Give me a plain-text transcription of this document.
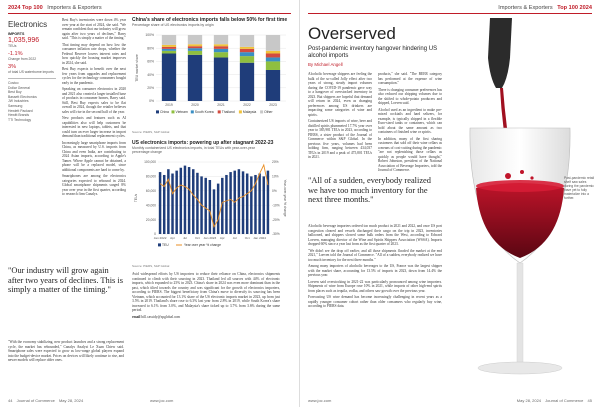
2024 Top 100 Importers & Exporters
Electronics
IMPORTS
1,035,996
TEUs
-1.1%
Change from 2022
3%
of total US waterborne imports
Costco
Dollar General
Best Buy
Bassett Electronics
JW Industries
Samsung
Hewlett Packard
Hewitt Brands
TTI Technology

Best Buy's inventories were down 4% year over year at the start of 2024, she said. "We remain confident that our industry will grow again after two years of declines," Barry said. "This is simply a matter of the timing."

That timing may depend on how low the consumer inflation rate drops, whether the Federal Reserve lowers interest rates and how quickly the housing market improves in 2024, she said.

Best Buy expects to benefit over the next few years from upgrades and replacement cycles for the technology consumers bought early in the pandemic.

Speaking on consumer electronics in 2020 and 2021 also created a larger installed base of products in consumer homes, Barry said. Still, Best Buy expects sales to be flat overall in 2024, though the retailer believes sales will rise in the second half of the year.

New products and features such as AI capabilities also will help customers be interested in new laptops, tablets, and that could turn an ever larger increase in import demand than traditional replacement cycles.

Increasingly large smartphone imports from China, as measured by U.S. imports from China and even India, are contributing to 2024 Asian imports, according to Apple's Tamer. Where Apple cannot be obtained, a phone will be a replaced model, since additional components are hard to come by.

Smartphones are among the electronics categories expected to rebound in 2024. Global smartphone shipments surged 8% year over year in the first quarter, according to research firm Canalys.

China's share of electronics imports falls below 50% for first time
Percentage share of US electronics imports by origin
0%
20%
40%
60%
80%
100%
TEU market share
2019	2020	2021	2022	2023
China Vietnam South Korea Thailand Malaysia Other
Source: PIERS, S&P Global
US electronics imports: powering up after stagnant 2022-23
Monthly containerized US electronics imports, in total TEUs with year-over-year percentage change
0
20,000
40,000
60,000
80,000
100,000
-30%
-20%
-10%
0%
10%
20%
TEUs	Year-over-year % change
Jan 2022 Apr	Jul	Oct Jan 2023 Apr	Jul	Oct Jan 2024
TEU	Year over year % change
Source: PIERS, S&P Global
"Our industry will grow again after two years of declines. This is simply a matter of the timing."
"With the economy stabilizing, new product launches and a strong replacement cycle, the market has rebounded," Canalys Analyst Le Xuan Chiew said. Smartphone sales were expected to grow as low-range global players expand into the budget-device market. Prices on devices will likely continue to rise, and newer models will replace older ones.

Avid widespread efforts by US importers to reduce their reliance on China, electronics shipments continued to climb with their sourcing in 2023. Thailand led all sources with 44% of electronic imports, which expanded to 25% in 2023. China's share in 2024 was even more dominant than in the past, which tilted towards the country and was significant for the growth of electronics importers, according to PIERS. The biggest beneficiary from China's move to diversify its sourcing has been Vietnam, which accounted for 13.1% share of the US electronic imports market in 2023, up from just 3.5% in 2019. Thailand's share rose to 6.3% last year from 2.8% in 2019, while South Korea's share increased to 6.1% from 3.0%, and Malaysia's share ticked up to 3.7% from 3.6% during the same period.

email bill.cassidy@spglobal.com

44 Journal of Commerce May 28, 2024	www.joc.com
Importers & Exporters Top 100 2024
Overserved
Post-pandemic inventory hangover hindering US alcohol imports
By Michael Angell

Alcoholic beverage shippers are feeling the bulk of the so-called Jolly effect after two years of strong, steady import volumes during the COVID-19 pandemic gave way to a hangover of overstocked inventory in 2023. But shippers are hopeful that demand will return in 2024, even as changing preferences among US drinkers are impacting some categories of wine and spirits.

Containerized US imports of wine, beer and distilled spirits plummeted 17.7% year over year to 385,981 TEUs in 2023, according to PIERS, a sister product of the Journal of Commerce within S&P Global. In the previous five years, volumes had been holding firm, ranging between 434,037 TEUs in 2019 and a peak of 475,801 TEUs in 2021.

products," she said. "The BEER category has performed at the expense of wine consumption."

There is changing consumer preferences has also reduced our shipping volumes due to the shifted to whole-potato producers and shipped, Loeven said.

Alcohol used as an ingredient to make pre-mixed cocktails and hard seltzers, for example, is typically shipped in a flexible Euro-sized tanks or containers, which can hold about the same amount as two containers of finished wine or spirits.

In addition, many of the first sharing customers that sold off their wine cellars as a means of cost-cutting during the pandemic "are not replenishing those cellars as quickly as people would have thought," Robert Johnston, president of the National Association of Beverage Importers, told the Journal of Commerce.

"All of a sudden, everybody realized we have too much inventory for the next three months."

Alcoholic beverage importers ordered too much product in 2021 and 2022, and once US port congestion cleared and vessels discharged their cargo on the trip in 2023, inventories ballooned, and shippers slowed some bulk orders from the West, according to Edward Loeven, managing director of the Wine and Spirits Shippers Association (WSSA). Imports dropped 60% since a year last from as the first quarter of 2023.

"We didn't see the drop off earlier, and all those shipments flooded the market at the end 2021," Loeven told the Journal of Commerce. "All of a sudden, everybody realized we have too much inventory for the next three months."

Among many importers of alcoholic beverages to the US, France was the largest shipper with the market share, accounting for 13.5% of imports in 2023, down from 14.4% the previous year.

Loeven said overstocking in 2021-22 was particularly pronounced among wine importers. Shipments of wine from Europe rose 10% in 2021, while imports of other high-end spirits from places such as tequila, vodka, and others saw growth over the previous year.

Forecasting US wine demand has become increasingly challenging in recent years as a rapidly younger consumer cohort rather than older consumers who regularly buy wine, according to PIERS data.

Post-pandemic retail shelf saw sales during the pandemic have yet to fully materialize into a further.
www.joc.com	May 28, 2024 Journal of Commerce 45
